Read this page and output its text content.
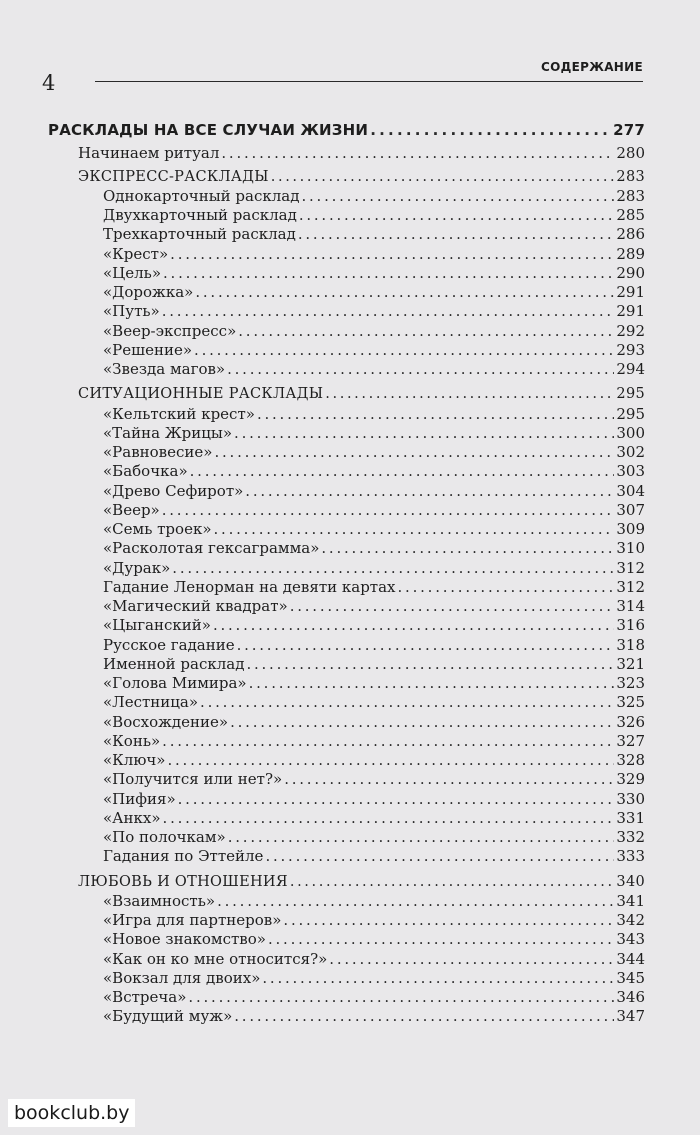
4
СОДЕРЖАНИЕ
РАСКЛАДЫ НА ВСЕ СЛУЧАИ ЖИЗНИ . . .	277
Начинаем ритуал . . .	280
ЭКСПРЕСС-РАСКЛАДЫ . . .	283
Однокарточный расклад . . .	283
Двухкарточный расклад . . .	285
Трехкарточный расклад . . .	286
«Крест» . . .	289
«Цель» . . .	290
«Дорожка» . . .	291
«Путь» . . .	291
«Веер-экспресс» . . .	292
«Решение» . . .	293
«Звезда магов» . . .	294
СИТУАЦИОННЫЕ РАСКЛАДЫ . . .	295
«Кельтский крест» . . .	295
«Тайна Жрицы» . . .	300
«Равновесие» . . .	302
«Бабочка» . . .	303
«Древо Сефирот» . . .	304
«Веер» . . .	307
«Семь троек» . . .	309
«Расколотая гексаграмма» . . .	310
«Дурак» . . .	312
Гадание Ленорман на девяти картах . . .	312
«Магический квадрат» . . .	314
«Цыганский» . . .	316
Русское гадание . . .	318
Именной расклад . . .	321
«Голова Мимира» . . .	323
«Лестница» . . .	325
«Восхождение» . . .	326
«Конь» . . .	327
«Ключ» . . .	328
«Получится или нет?» . . .	329
«Пифия» . . .	330
«Анкх» . . .	331
«По полочкам» . . .	332
Гадания по Эттейле . . .	333
ЛЮБОВЬ И ОТНОШЕНИЯ . . .	340
«Взаимность» . . .	341
«Игра для партнеров» . . .	342
«Новое знакомство» . . .	343
«Как он ко мне относится?» . . .	344
«Вокзал для двоих» . . .	345
«Встреча» . . .	346
«Будущий муж» . . .	347
bookclub.by
